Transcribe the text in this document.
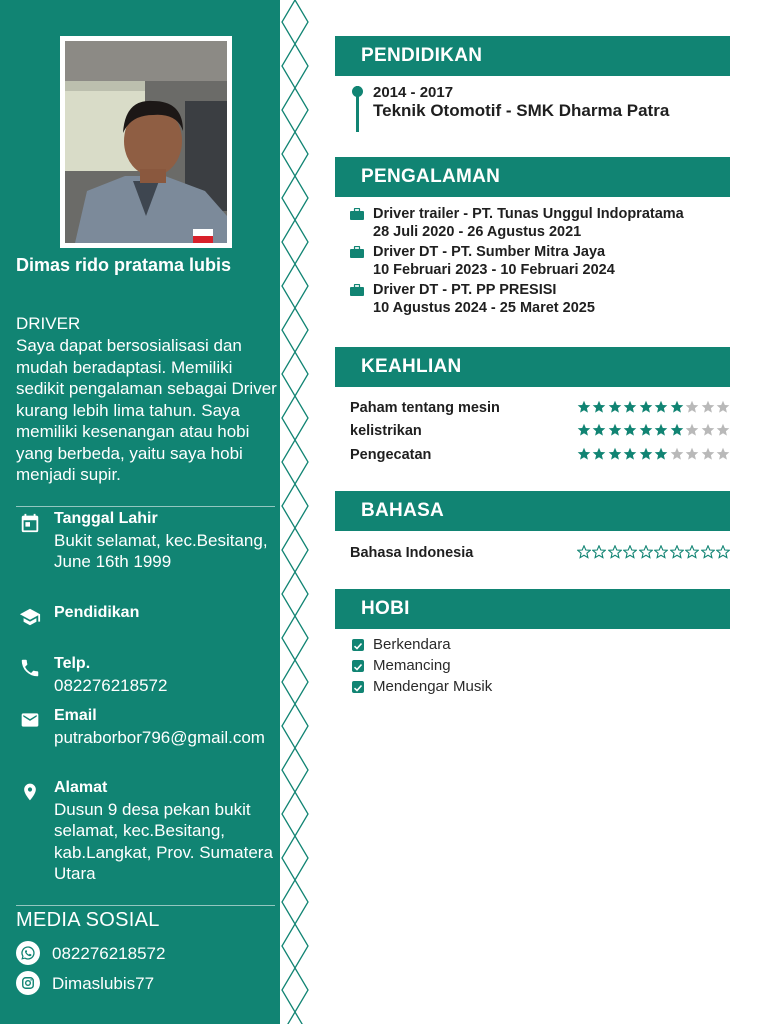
Dimas rido pratama lubis
DRIVER
Saya dapat bersosialisasi dan mudah beradaptasi. Memiliki sedikit pengalaman sebagai Driver kurang lebih lima tahun. Saya memiliki kesenangan atau hobi yang berbeda, yaitu saya hobi menjadi supir.
Tanggal Lahir
Bukit selamat, kec.Besitang, June 16th 1999
Pendidikan
Telp.
082276218572
Email
putraborbor796@gmail.com
Alamat
Dusun 9 desa pekan bukit selamat, kec.Besitang, kab.Langkat, Prov. Sumatera Utara
MEDIA SOSIAL
082276218572
Dimaslubis77
PENDIDIKAN
2014 - 2017
Teknik Otomotif - SMK Dharma Patra
PENGALAMAN
Driver trailer - PT. Tunas Unggul Indopratama
28 Juli 2020 - 26 Agustus 2021
Driver DT - PT. Sumber Mitra Jaya
10 Februari 2023 - 10 Februari 2024
Driver DT - PT. PP PRESISI
10 Agustus 2024 - 25 Maret 2025
KEAHLIAN
Paham tentang mesin
kelistrikan
Pengecatan
BAHASA
Bahasa Indonesia
HOBI
Berkendara
Memancing
Mendengar Musik
